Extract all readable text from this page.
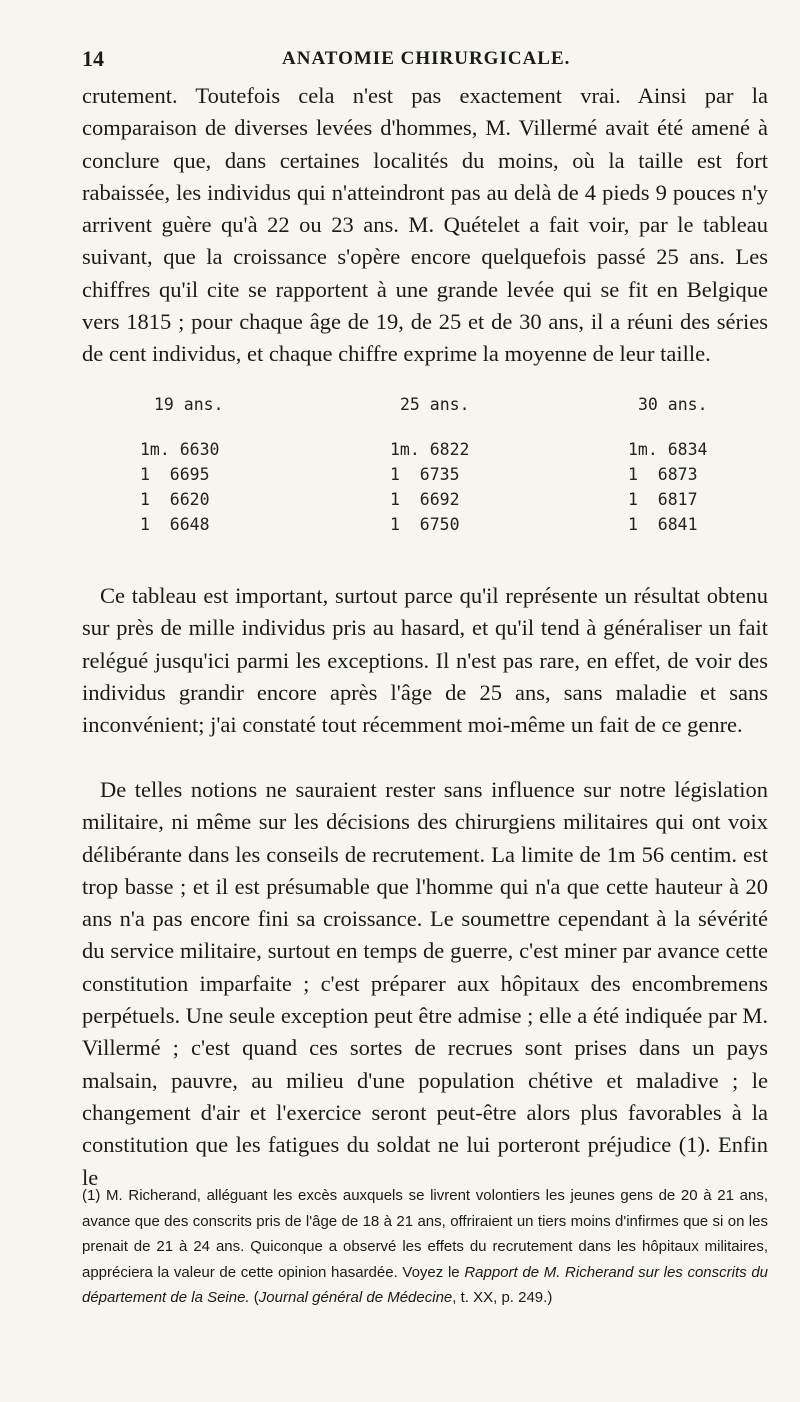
14	ANATOMIE CHIRURGICALE.

crutement. Toutefois cela n'est pas exactement vrai. Ainsi par la comparaison de diverses levées d'hommes, M. Villermé avait été amené à conclure que, dans certaines localités du moins, où la taille est fort rabaissée, les individus qui n'atteindront pas au delà de 4 pieds 9 pouces n'y arrivent guère qu'à 22 ou 23 ans. M. Quételet a fait voir, par le tableau suivant, que la croissance s'opère encore quelquefois passé 25 ans. Les chiffres qu'il cite se rapportent à une grande levée qui se fit en Belgique vers 1815 ; pour chaque âge de 19, de 25 et de 30 ans, il a réuni des séries de cent individus, et chaque chiffre exprime la moyenne de leur taille.

19 ans.
1m. 6630
1  6695
1  6620
1  6648
25 ans.
1m. 6822
1  6735
1  6692
1  6750
30 ans.
1m. 6834
1  6873
1  6817
1  6841

Ce tableau est important, surtout parce qu'il représente un résultat obtenu sur près de mille individus pris au hasard, et qu'il tend à généraliser un fait relégué jusqu'ici parmi les exceptions. Il n'est pas rare, en effet, de voir des individus grandir encore après l'âge de 25 ans, sans maladie et sans inconvénient; j'ai constaté tout récemment moi-même un fait de ce genre.

De telles notions ne sauraient rester sans influence sur notre législation militaire, ni même sur les décisions des chirurgiens militaires qui ont voix délibérante dans les conseils de recrutement. La limite de 1m 56 centim. est trop basse ; et il est présumable que l'homme qui n'a que cette hauteur à 20 ans n'a pas encore fini sa croissance. Le soumettre cependant à la sévérité du service militaire, surtout en temps de guerre, c'est miner par avance cette constitution imparfaite ; c'est préparer aux hôpitaux des encombremens perpétuels. Une seule exception peut être admise ; elle a été indiquée par M. Villermé ; c'est quand ces sortes de recrues sont prises dans un pays malsain, pauvre, au milieu d'une population chétive et maladive ; le changement d'air et l'exercice seront peut-être alors plus favorables à la constitution que les fatigues du soldat ne lui porteront préjudice (1). Enfin le

(1) M. Richerand, alléguant les excès auxquels se livrent volontiers les jeunes gens de 20 à 21 ans, avance que des conscrits pris de l'âge de 18 à 21 ans, offriraient un tiers moins d'infirmes que si on les prenait de 21 à 24 ans. Quiconque a observé les effets du recrutement dans les hôpitaux militaires, appréciera la valeur de cette opinion hasardée. Voyez le Rapport de M. Richerand sur les conscrits du département de la Seine. (Journal général de Médecine, t. XX, p. 249.)
